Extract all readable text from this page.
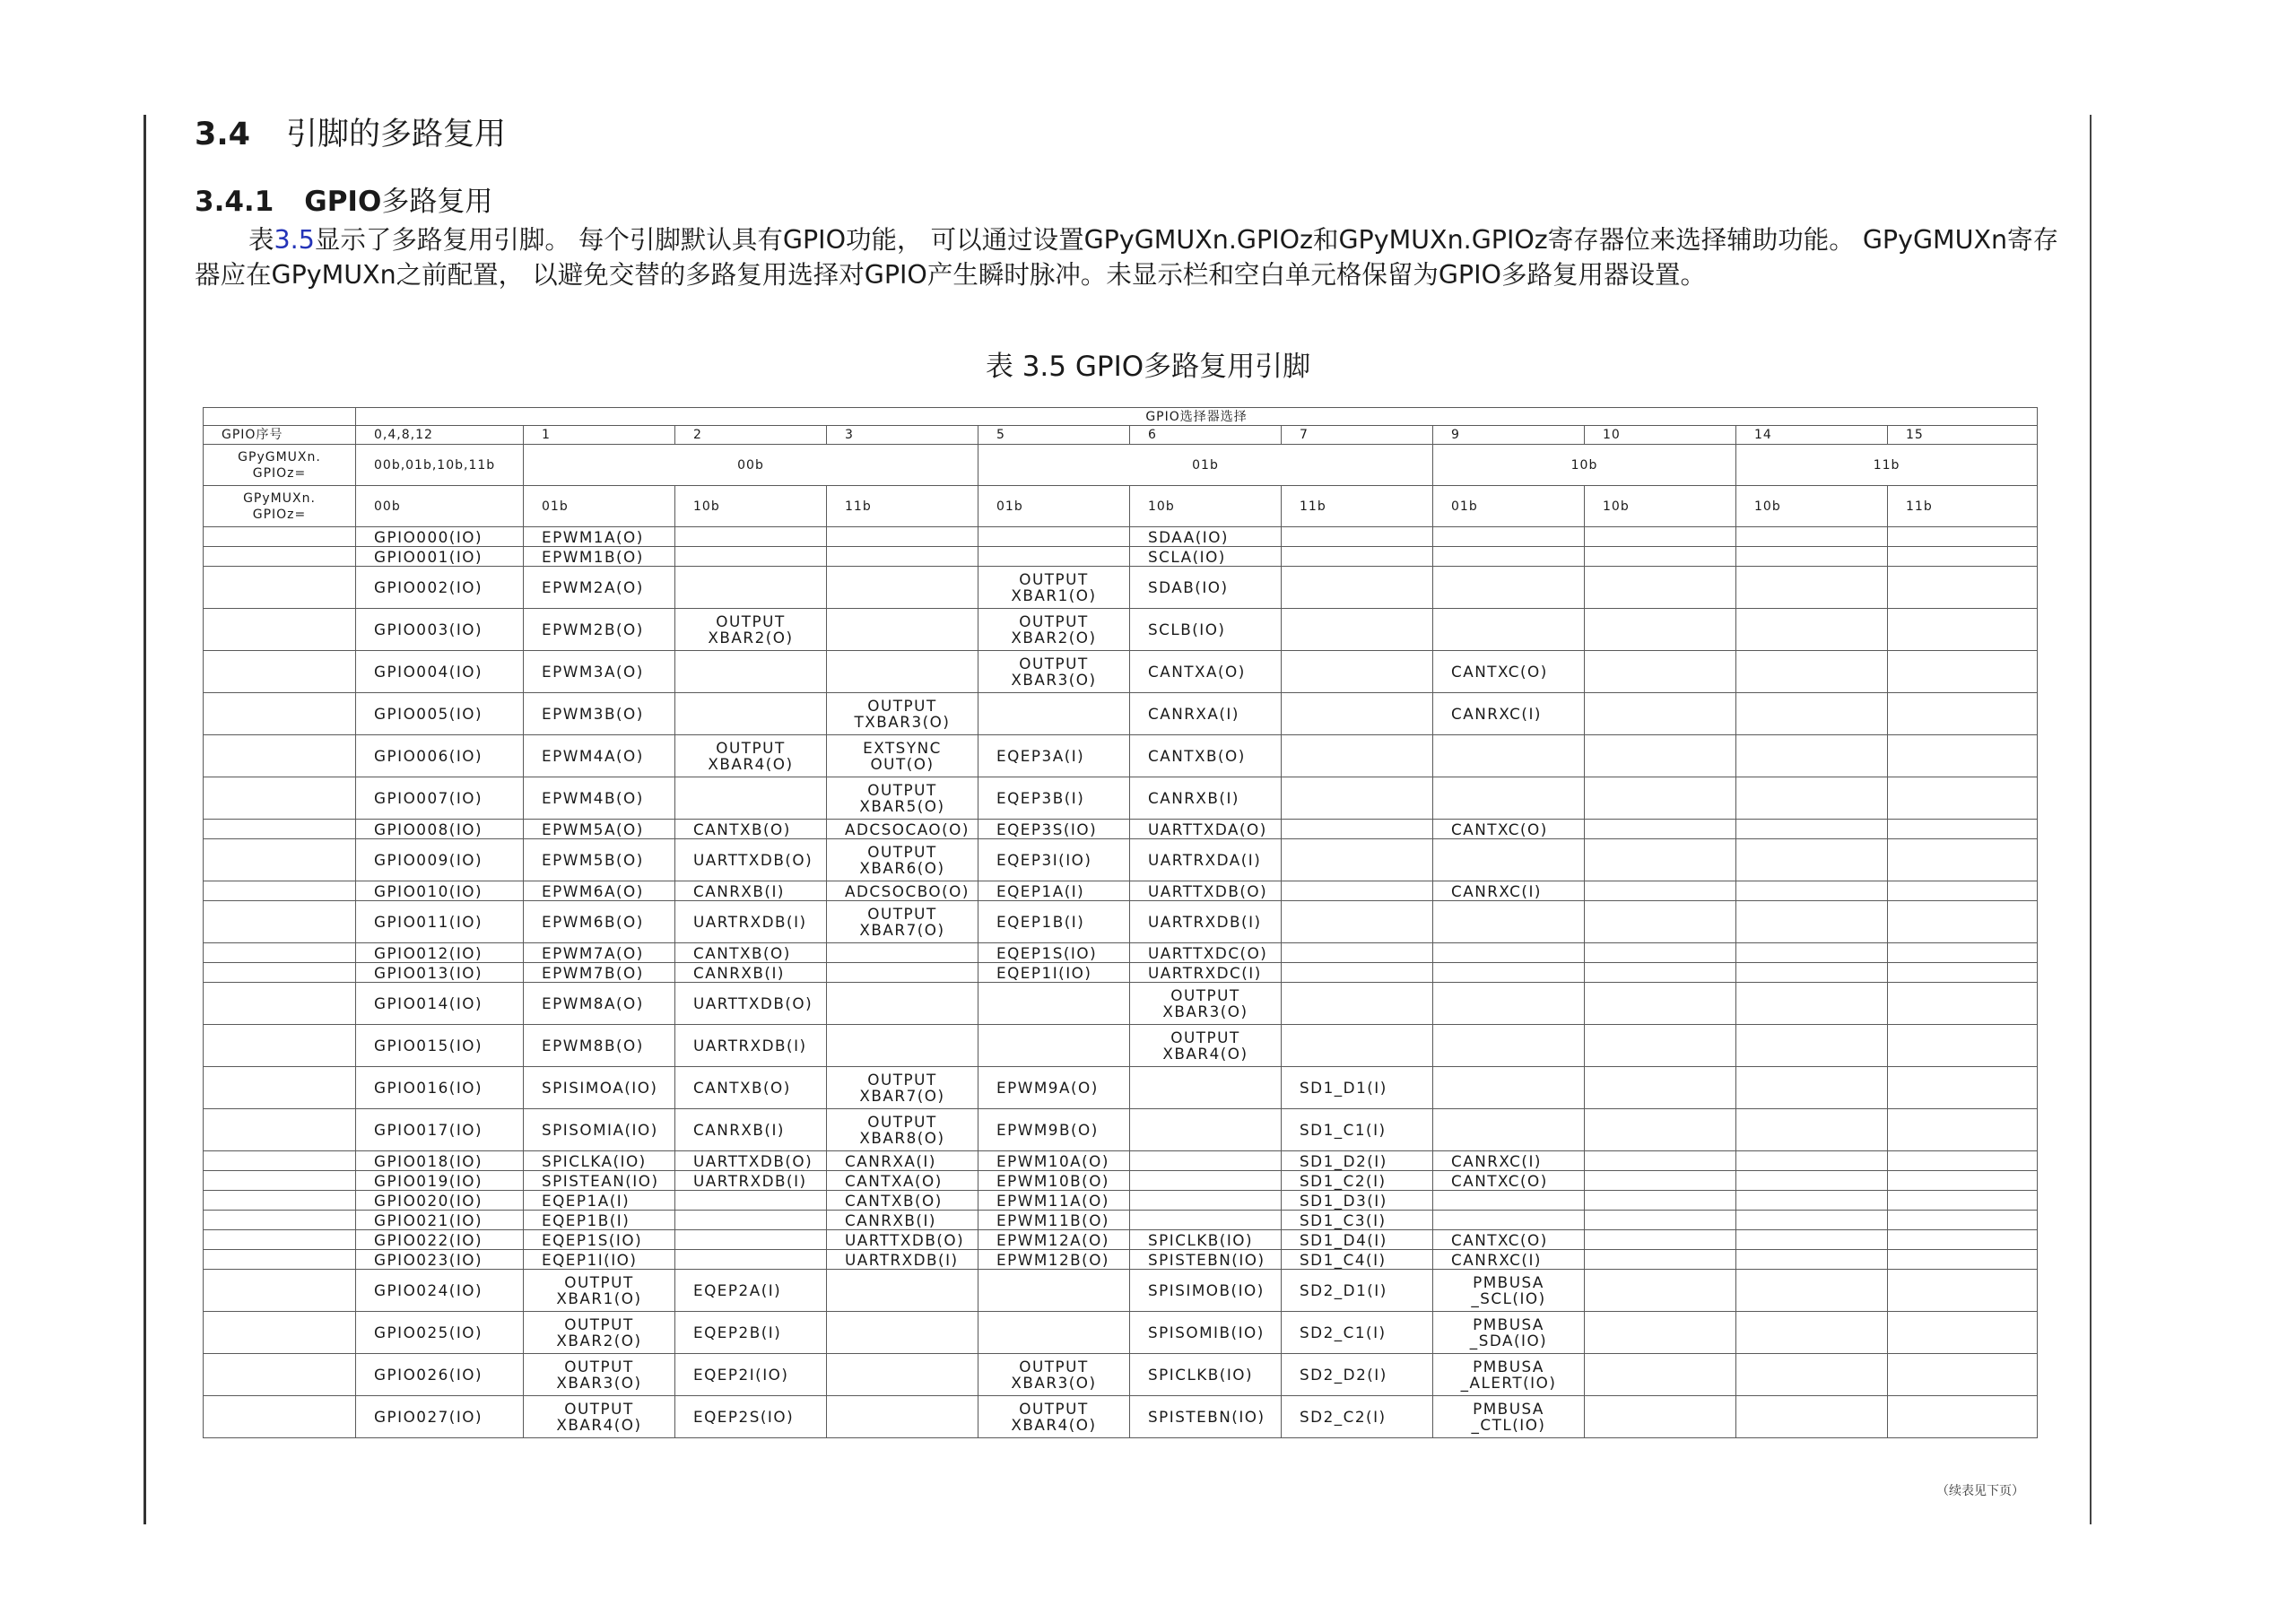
3.4 引脚的多路复用
3.4.1 GPIO多路复用
表3.5显示了多路复用引脚。 每个引脚默认具有GPIO功能， 可以通过设置GPyGMUXn.GPIOz和GPyMUXn.GPIOz寄存器位来选择辅助功能。 GPyGMUXn寄存器应在GPyMUXn之前配置， 以避免交替的多路复用选择对GPIO产生瞬时脉冲。未显示栏和空白单元格保留为GPIO多路复用器设置。
表 3.5 GPIO多路复用引脚
	GPIO选择器选择										
GPIO序号	0,4,8,12	1	2	3	5	6	7	9	10	14	15
GPyGMUXn.
GPIOz=	00b,01b,10b,11b	00b			01b			10b		11b	
GPyMUXn.
GPIOz=	00b	01b	10b	11b	01b	10b	11b	01b	10b	10b	11b
	GPIO000(IO)	EPWM1A(O)				SDAA(IO)					
	GPIO001(IO)	EPWM1B(O)				SCLA(IO)					
	GPIO002(IO)	EPWM2A(O)			OUTPUT
XBAR1(O)	SDAB(IO)					
	GPIO003(IO)	EPWM2B(O)	OUTPUT
XBAR2(O)		OUTPUT
XBAR2(O)	SCLB(IO)					
	GPIO004(IO)	EPWM3A(O)			OUTPUT
XBAR3(O)	CANTXA(O)		CANTXC(O)			
	GPIO005(IO)	EPWM3B(O)		OUTPUT
TXBAR3(O)		CANRXA(I)		CANRXC(I)			
	GPIO006(IO)	EPWM4A(O)	OUTPUT
XBAR4(O)	EXTSYNC
OUT(O)	EQEP3A(I)	CANTXB(O)					
	GPIO007(IO)	EPWM4B(O)		OUTPUT
XBAR5(O)	EQEP3B(I)	CANRXB(I)					
	GPIO008(IO)	EPWM5A(O)	CANTXB(O)	ADCSOCAO(O)	EQEP3S(IO)	UARTTXDA(O)		CANTXC(O)			
	GPIO009(IO)	EPWM5B(O)	UARTTXDB(O)	OUTPUT
XBAR6(O)	EQEP3I(IO)	UARTRXDA(I)					
	GPIO010(IO)	EPWM6A(O)	CANRXB(I)	ADCSOCBO(O)	EQEP1A(I)	UARTTXDB(O)		CANRXC(I)			
	GPIO011(IO)	EPWM6B(O)	UARTRXDB(I)	OUTPUT
XBAR7(O)	EQEP1B(I)	UARTRXDB(I)					
	GPIO012(IO)	EPWM7A(O)	CANTXB(O)		EQEP1S(IO)	UARTTXDC(O)					
	GPIO013(IO)	EPWM7B(O)	CANRXB(I)		EQEP1I(IO)	UARTRXDC(I)					
	GPIO014(IO)	EPWM8A(O)	UARTTXDB(O)			OUTPUT
XBAR3(O)					
	GPIO015(IO)	EPWM8B(O)	UARTRXDB(I)			OUTPUT
XBAR4(O)					
	GPIO016(IO)	SPISIMOA(IO)	CANTXB(O)	OUTPUT
XBAR7(O)	EPWM9A(O)		SD1_D1(I)				
	GPIO017(IO)	SPISOMIA(IO)	CANRXB(I)	OUTPUT
XBAR8(O)	EPWM9B(O)		SD1_C1(I)				
	GPIO018(IO)	SPICLKA(IO)	UARTTXDB(O)	CANRXA(I)	EPWM10A(O)		SD1_D2(I)	CANRXC(I)			
	GPIO019(IO)	SPISTEAN(IO)	UARTRXDB(I)	CANTXA(O)	EPWM10B(O)		SD1_C2(I)	CANTXC(O)			
	GPIO020(IO)	EQEP1A(I)		CANTXB(O)	EPWM11A(O)		SD1_D3(I)				
	GPIO021(IO)	EQEP1B(I)		CANRXB(I)	EPWM11B(O)		SD1_C3(I)				
	GPIO022(IO)	EQEP1S(IO)		UARTTXDB(O)	EPWM12A(O)	SPICLKB(IO)	SD1_D4(I)	CANTXC(O)			
	GPIO023(IO)	EQEP1I(IO)		UARTRXDB(I)	EPWM12B(O)	SPISTEBN(IO)	SD1_C4(I)	CANRXC(I)			
	GPIO024(IO)	OUTPUT
XBAR1(O)	EQEP2A(I)			SPISIMOB(IO)	SD2_D1(I)	PMBUSA
_SCL(IO)			
	GPIO025(IO)	OUTPUT
XBAR2(O)	EQEP2B(I)			SPISOMIB(IO)	SD2_C1(I)	PMBUSA
_SDA(IO)			
	GPIO026(IO)	OUTPUT
XBAR3(O)	EQEP2I(IO)		OUTPUT
XBAR3(O)	SPICLKB(IO)	SD2_D2(I)	PMBUSA
_ALERT(IO)			
	GPIO027(IO)	OUTPUT
XBAR4(O)	EQEP2S(IO)		OUTPUT
XBAR4(O)	SPISTEBN(IO)	SD2_C2(I)	PMBUSA
_CTL(IO)			
（续表见下页）
